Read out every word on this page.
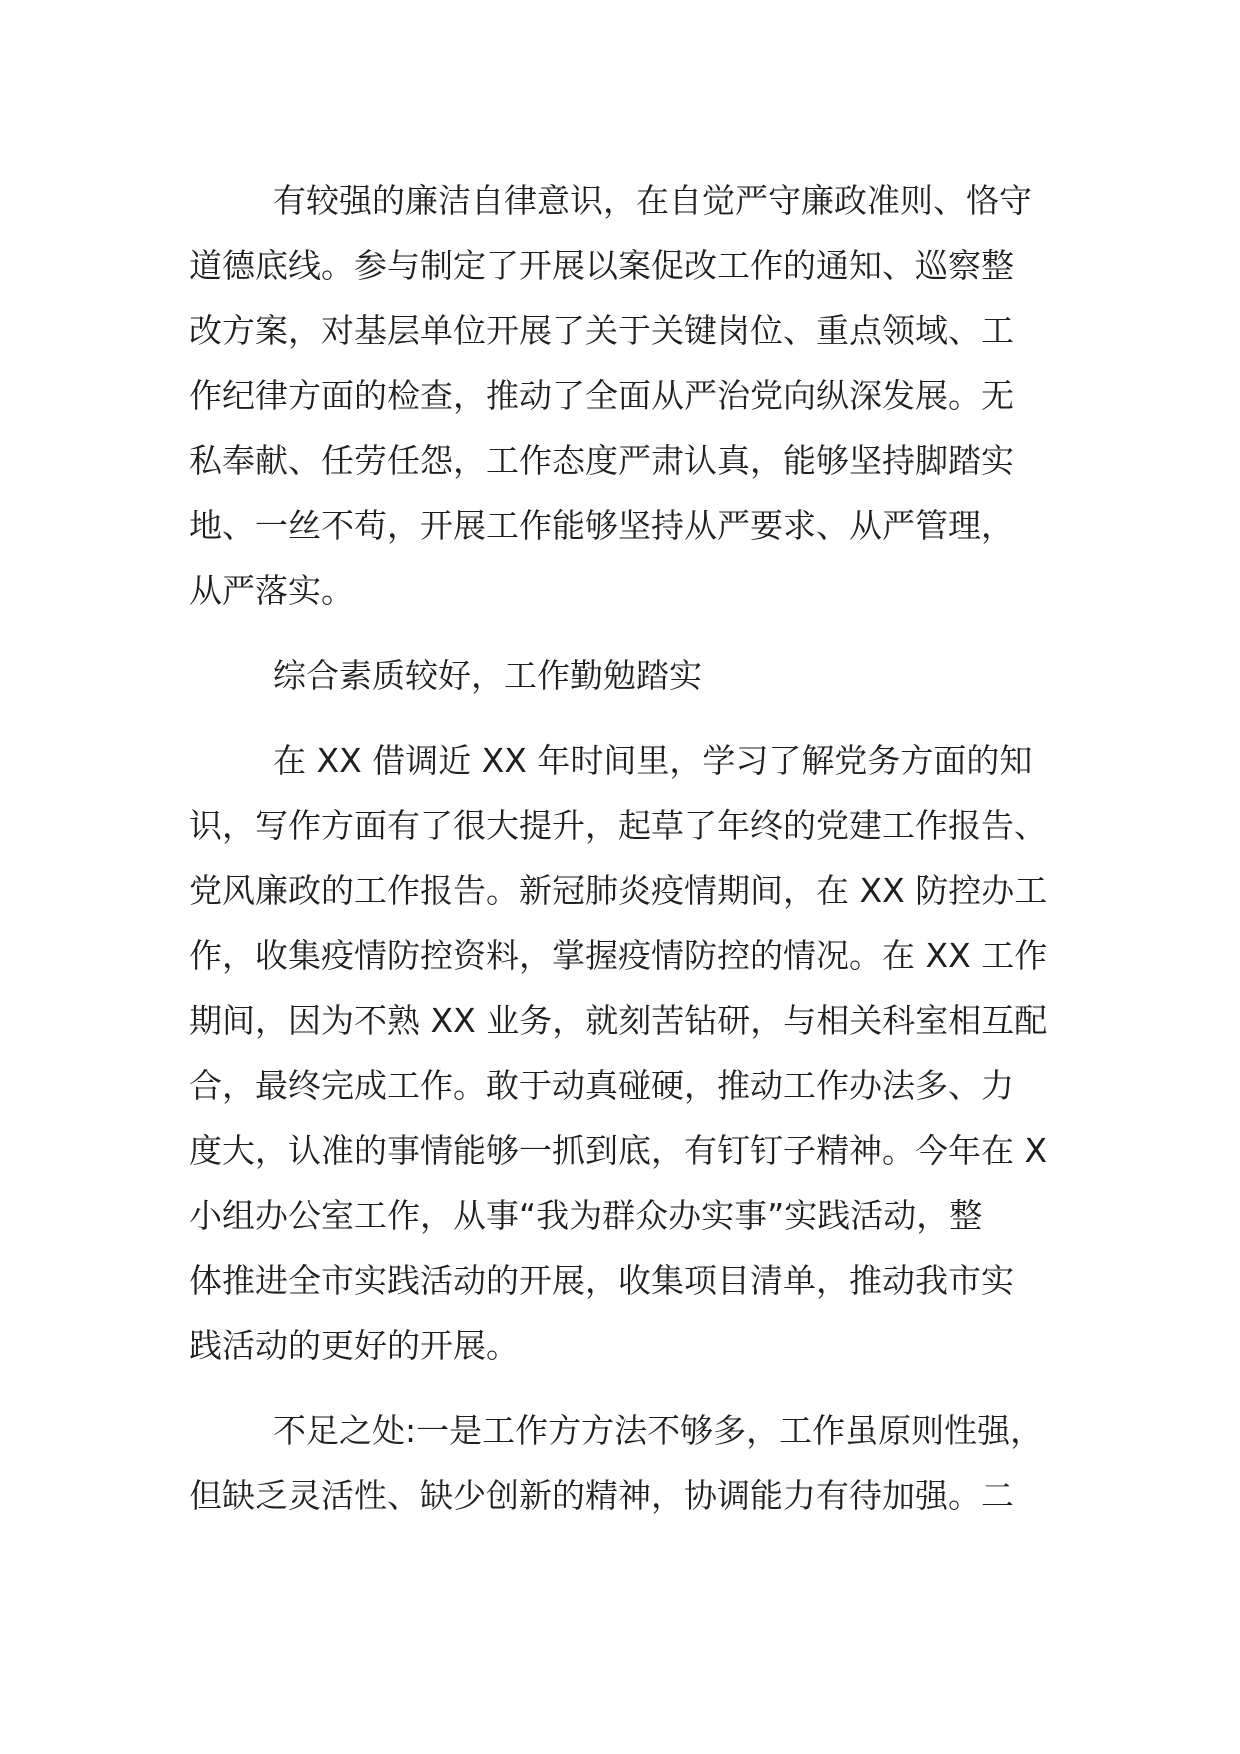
有较强的廉洁自律意识，在自觉严守廉政准则、恪守
道德底线。参与制定了开展以案促改工作的通知、巡察整
改方案，对基层单位开展了关于关键岗位、重点领域、工
作纪律方面的检查，推动了全面从严治党向纵深发展。无
私奉献、任劳任怨，工作态度严肃认真，能够坚持脚踏实
地、一丝不苟，开展工作能够坚持从严要求、从严管理，
从严落实。
综合素质较好，工作勤勉踏实
在 XX 借调近 XX 年时间里，学习了解党务方面的知
识，写作方面有了很大提升，起草了年终的党建工作报告、
党风廉政的工作报告。新冠肺炎疫情期间，在 XX 防控办工
作，收集疫情防控资料，掌握疫情防控的情况。在 XX 工作
期间，因为不熟 XX 业务，就刻苦钻研，与相关科室相互配
合，最终完成工作。敢于动真碰硬，推动工作办法多、力
度大，认准的事情能够一抓到底，有钉钉子精神。今年在 X
小组办公室工作，从事“我为群众办实事”实践活动，整
体推进全市实践活动的开展，收集项目清单，推动我市实
践活动的更好的开展。
不足之处:一是工作方方法不够多，工作虽原则性强，
但缺乏灵活性、缺少创新的精神，协调能力有待加强。二
